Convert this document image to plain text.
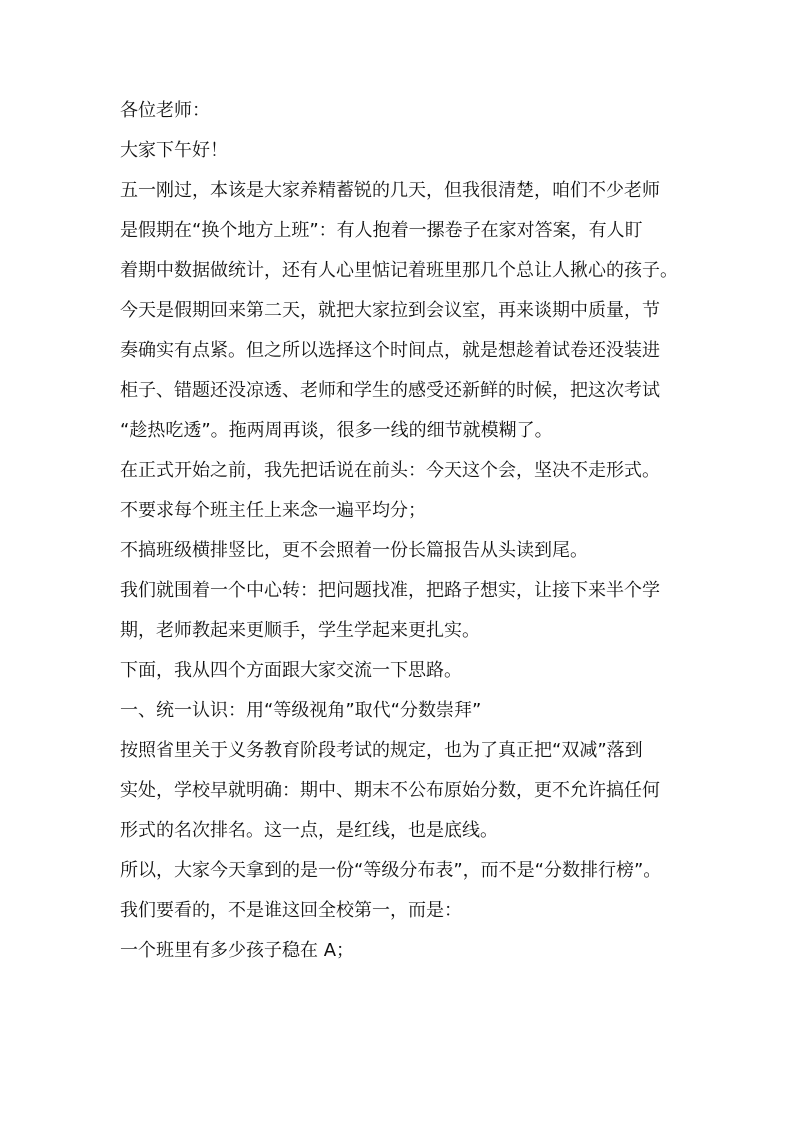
各位老师：
大家下午好！
五一刚过，本该是大家养精蓄锐的几天，但我很清楚，咱们不少老师
是假期在“换个地方上班”：有人抱着一摞卷子在家对答案，有人盯
着期中数据做统计，还有人心里惦记着班里那几个总让人揪心的孩子。
今天是假期回来第二天，就把大家拉到会议室，再来谈期中质量，节
奏确实有点紧。但之所以选择这个时间点，就是想趁着试卷还没装进
柜子、错题还没凉透、老师和学生的感受还新鲜的时候，把这次考试
“趁热吃透”。拖两周再谈，很多一线的细节就模糊了。
在正式开始之前，我先把话说在前头：今天这个会，坚决不走形式。
不要求每个班主任上来念一遍平均分；
不搞班级横排竖比，更不会照着一份长篇报告从头读到尾。
我们就围着一个中心转：把问题找准，把路子想实，让接下来半个学
期，老师教起来更顺手，学生学起来更扎实。
下面，我从四个方面跟大家交流一下思路。
一、统一认识：用“等级视角”取代“分数崇拜”
按照省里关于义务教育阶段考试的规定，也为了真正把“双减”落到
实处，学校早就明确：期中、期末不公布原始分数，更不允许搞任何
形式的名次排名。这一点，是红线，也是底线。
所以，大家今天拿到的是一份“等级分布表”，而不是“分数排行榜”。
我们要看的，不是谁这回全校第一，而是：
一个班里有多少孩子稳在 A；
